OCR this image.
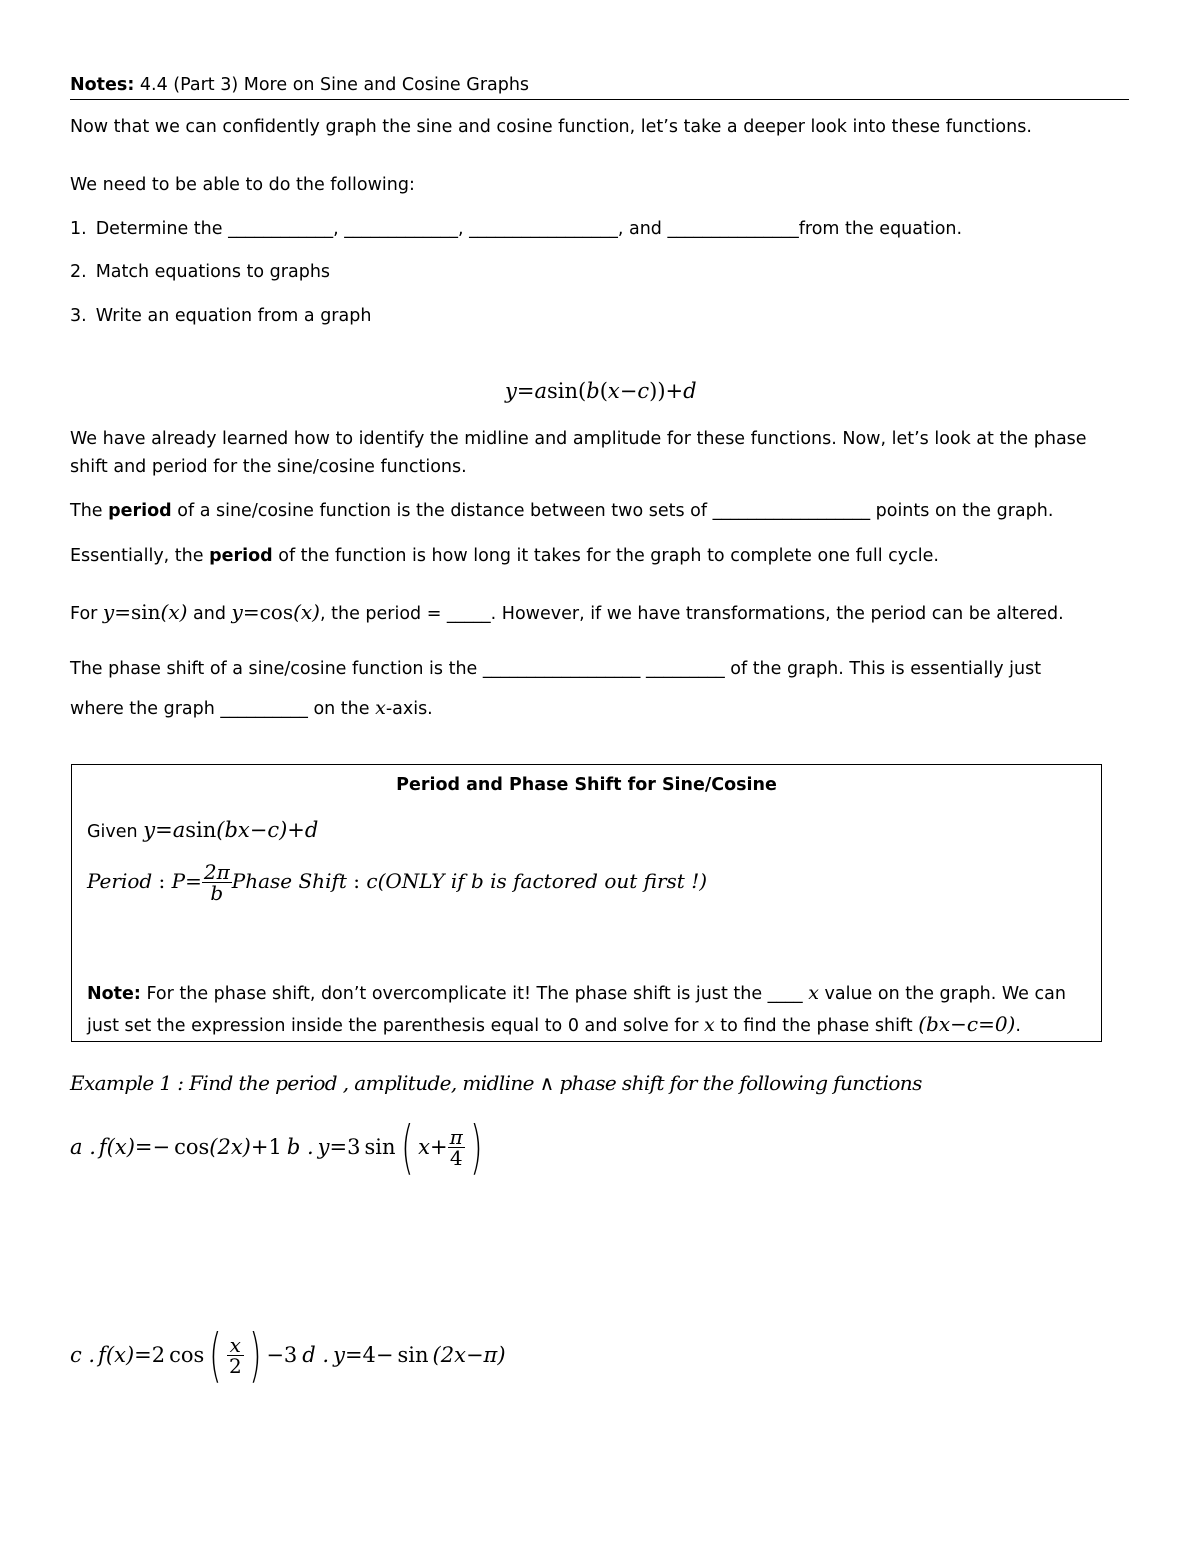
Notes: 4.4 (Part 3) More on Sine and Cosine Graphs
Now that we can confidently graph the sine and cosine function, let’s take a deeper look into these functions.
We need to be able to do the following:
1. Determine the ____________, _____________, _________________, and _______________from the equation.
2. Match equations to graphs
3. Write an equation from a graph
y=asin(b(x−c))+d
We have already learned how to identify the midline and amplitude for these functions. Now, let’s look at the phase
shift and period for the sine/cosine functions.
The period of a sine/cosine function is the distance between two sets of __________________ points on the graph.
Essentially, the period of the function is how long it takes for the graph to complete one full cycle.
For y=sin(x) and y=cos(x), the period = _____. However, if we have transformations, the period can be altered.
The phase shift of a sine/cosine function is the __________________ _________ of the graph. This is essentially just
where the graph __________ on the x-axis.
Period and Phase Shift for Sine/Cosine
Given y=asin(bx−c)+d
Period : $P= \frac{2\pi}{b}$ Phase Shift : c(ONLY if b is factored out first !)
Note: For the phase shift, don’t overcomplicate it! The phase shift is just the ____ x value on the graph. We can
just set the expression inside the parenthesis equal to 0 and solve for x to find the phase shift (bx−c=0).
Example 1 : Find the period , amplitude, midline ∧ phase shift for the following functions
a . f (x) =− cos (2x) +1 b . y =3 sin ( $x+ \frac{\pi}{4}$ )
c . f (x) =2 cos ( $\frac{x}{2}$ ) −3 d . y =4− sin (2x−π)
